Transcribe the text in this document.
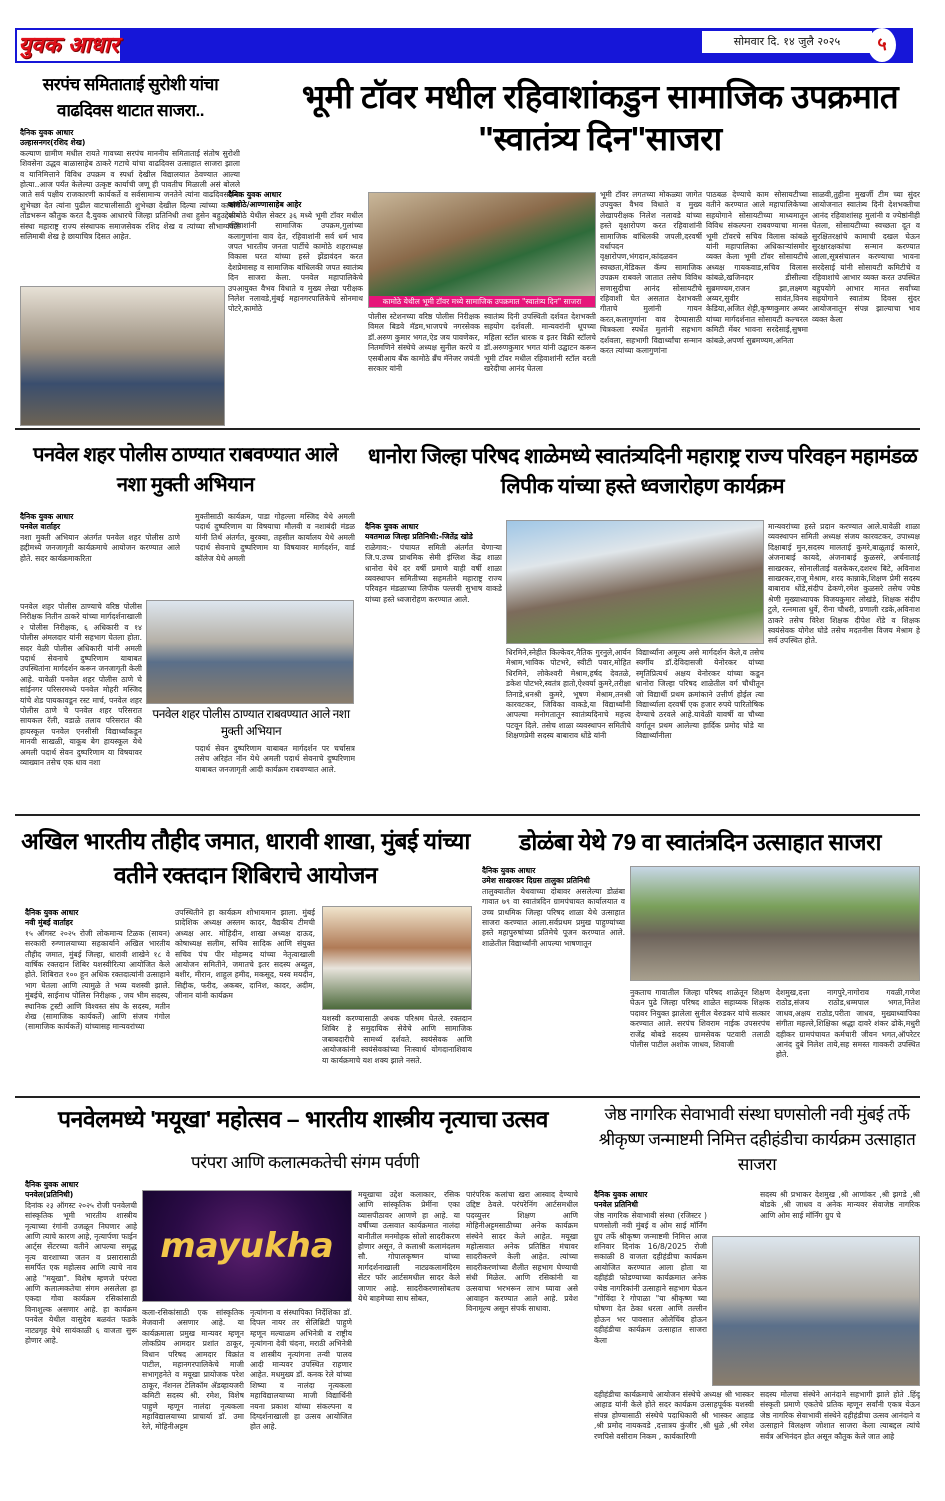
युवक आधार	सोमवार दि. १४ जुलै २०२५	५
सरपंच समिताताई सुरोशी यांचा वाढदिवस थाटात साजरा..
दैनिक युवक आधार
उल्हासनगर(रशिद शेख)
कल्याण ग्रामीण मधील रायते गावच्या सरपंच माननीय समिताताई संतोष सुरोशी शिवसेना उद्धव बाळासाहेब ठाकरे गटाचे यांचा वाढदिवस उत्साहात साजरा झाला व यानिमित्ताने विविध उपक्रम व स्पर्धा देखील विद्यालयात ठेवण्यात आल्या होत्या..आज पर्यंत केलेल्या उत्कृष्ट कार्याची जणू ही पावतीच मिळाली असं बोलले जाते सर्व पक्षीय राजकारणी कार्यकर्ते व सर्वसामान्य जनतेने त्यांना वाढदिवसाच्या शुभेच्छा देत त्यांना पुढील वाटचालीसाठी शुभेच्छा देखील दिल्या त्यांच्या कार्याचे तोंडभरून कौतुक करत दै.युवक आधारचे जिल्हा प्रतिनिधी तथा हुसेन बहुउद्देशीय संस्था महाराष्ट्र राज्य संस्थापक समाजसेवक रशिद शेख व त्यांच्या सौभाग्यवती सलिमाबी शेख हे छायाचित्र दिसत आहेत.
भूमी टॉवर मधील रहिवाशांकडुन सामाजिक उपक्रमात "स्वातंत्र्य दिन"साजरा
दैनिक युवक आधार
कामोठे/आण्णासाहेब आहेर
कामोठे येथील सेक्टर ३६ मध्ये भूमी टॉवर मधील रहिवाशांनी सामाजिक उपक्रम,गुलांच्या कलागुणांना वाव देत, रहिवाशांनी सर्व धर्म भाव जपत भारतीय जनता पार्टीचे कामोठे शहराध्यक्ष विकास घरत यांच्या हस्ते झेंडावंदन करत देशप्रेमासह व सामाजिक बांधिलकी जपत स्वातंत्र्य दिन साजरा केला. पनवेल महापालिकेचे उपआयुक्त वैभव विधाते व मुख्य लेखा परीक्षक निलेश नलावडे,मुंबई महानगरपालिकेचे सोनमाथ पोटरे,कामोठे
कामोठे येथील भूमी टॉवर मध्ये सामाजिक उपक्रमात "स्वातंत्र्य दिन" साजरा
पोलीस स्टेशनच्या वरिष्ठ पोलीस निरीक्षक विमल बिडवे मॅडम,भाजपचे नगरसेवक डॉ.अरुण कुमार भगत,ऐड जय पावणेकर, नितमणिने संस्थेचे अध्यक्ष सुनील करपे व एसबीआय बँक कामोठे ब्रँच मॅनेजर जयंती सरकार यांनी
स्वातंत्र्य दिनी उपस्थिती दर्शवत देशभक्ती सहयोग दर्शवली. मान्यवरांनी धूपच्या महिला स्टॉल धारक व इतर विक्री स्टॉलचे डॉ.अरुणकुमार भगत यांनी उद्घाटन करून भूमी टॉवर मधील रहिवाशांनी स्टॉल वरती खरेदीचा आनंद घेतला
भूमी टॉवर लगतच्या मोकळ्या जागेत उपयुक्त वैभव विधाते व मुख्य लेखापरीक्षक निलेश नलावडे यांच्या हस्ते वृक्षारोपण करत रहिवाशांनी सामाजिक बांधिलकी जपली,दरवर्षी वर्धापदन वृक्षारोपण,भंगदान,कांदळवन स्वच्छता,मेडिकल कॅम्प सामाजिक उपक्रम राबवले जातात तसेच विविध सणासुदीचा आनंद सोसायटीचे रहिवाशी घेत असतात देशभक्ती गीताचे मुलांनी गायन करत,कलागुणांना वाव देण्यासाठी चित्रकला स्पर्धेत मुलांनी सहभाग दर्शवला, सहभागी विद्यार्थ्यांचा सन्मान करत त्यांच्या कलागुणांना
पाठबळ देण्याचे काम सोसायटीच्या वतीने करण्यात आले महापालिकेच्या सहयोगाने सोसायटीच्या माध्यमातून विविध संकल्पना राबवण्याचा मानस भूमी टॉवरचे सचिव विलास कांबळे यांनी महापालिका अधिकाऱ्यांसमोर व्यक्त केला भूमी टॉवर सोसायटीचे अध्यक्ष गायकवाड,सचिव विलास कांबळे,खजिनदार डीसील्वा सुब्रमण्यम,राजन झा,लक्ष्मण अय्यर,सुवीर सावंत,विनय केडिया,अजित शेट्टी,कृष्णकुमार अय्यर यांच्या मार्गदर्शनात सोसायटी कल्चरल कमिटी मेंबर भावना सरदेसाई,सुषमा कांबळे,अपर्णा सुब्रमण्यम,अनिता
साळवी,तुहीना मुखर्जी टीम च्या सुंदर आयोजनात स्वातंत्र्य दिनी देशभक्तीचा आनंद रहिवाशांसह मुलांनी व ज्येष्ठांनीही घेतला, सोसायटीच्या स्वच्छता दूत व सुरक्षितरक्षांचे कामाची दखल घेऊन सुरक्षारक्षकांचा सन्मान करण्यात आला,सूत्रसंचालन करण्याचा भावना सरदेसाई यांनी सोसायटी कमिटीचे व रहिवाशांचे आभार व्यक्त करत उपस्थित बहुपयोगे आभार मानत सर्वांच्या सहयोगाने स्वातंत्र्य दिवस सुंदर आयोजनातून संपन्न झाल्याचा भाव व्यक्त केला
पनवेल शहर पोलीस ठाण्यात राबवण्यात आले नशा मुक्ती अभियान
दैनिक युवक आधार
पनवेल वार्ताहर
नशा मुक्ती अभियान अंतर्गत पनवेल शहर पोलीस ठाणे हद्दीमध्ये जनजागृती कार्यक्रमाचे आयोजन करण्यात आले होते. सदर कार्यक्रमाकरिता
पनवेल शहर पोलीस ठाण्याचे वरिष्ठ पोलीस निरीक्षक नितीन ठाकरे यांच्या मार्गदर्शनाखाली २ पोलीस निरीक्षक, ६ अधिकारी व १४ पोलीस अंमलदार यांनी सहभाग घेतला होता. सदर वेळी पोलीस अधिकारी यांनी अमली पदार्थ सेवनाचे दुष्परिणाम याबाबत उपस्थितांना मार्गदर्शन करून जनजागृती केली आहे. यावेळी पनवेल शहर पोलीस ठाणे चे सांईनगर परिसरमध्ये पनवेल मोहरी मस्जिद यांचे शेड पायकावडून रस्ट मार्च, पनवेल शहर पोलीस ठाणे चे पनवेल शहर परिसरात सायकल रॅली, वडाळे तलाव परिसरात की हायस्कूल पनवेल एनसीसी विद्यार्थ्यांकडून मानवी साखळी, याकूब बेग हायस्कूल येथे अमली पदार्थ सेवन दुष्परिणाम या विषयावर व्याख्यान तसेच एक धाव नशा
मुक्तीसाठी कार्यक्रम, पाडा गोहल्ला मस्जिद येथे अमली पदार्थ दुष्परिणाम या विषयाचा मौलवी व नशाबंदी मंडळ यांनी तिर्थ अंतर्गत, बुरक्या, तहसील कार्यालय येथे अमली पदार्थ सेवनाचे दुष्परिणाम या विषयावर मार्गदर्शन, वार्ड कॉलेज येथे अमली
पनवेल शहर पोलीस ठाण्यात राबवण्यात आले नशा मुक्ती अभियान
पदार्थ सेवन दुष्परिणाम याबाबत मार्गदर्शन पर चर्चासत्र तसेच अरिहंत नॉन येथे अमली पदार्थ सेवनाचे दुष्परिणाम याबाबत जनजागृती आदी कार्यक्रम राबवण्यात आले.
धानोरा जिल्हा परिषद शाळेमध्ये स्वातंत्र्यदिनी महाराष्ट्र राज्य परिवहन महामंडळ लिपीक यांच्या हस्ते ध्वजारोहण कार्यक्रम
दैनिक युवक आधार
यवतमाळ जिल्हा प्रतिनिधी:-जितेंद्र खोडे
राळेगाव:- पंचायत समिती अंतर्गत येणाऱ्या जि.प.उच्च प्राथमिक सेमी इंग्लिश केंद्र शाळा धानोरा येथे दर वर्षी प्रमाणे याही वर्षी शाळा व्यवस्थापन समितीच्या सहमतीने महाराष्ट्र राज्य परिवहन मंडळाच्या लिपीक पल्लवी सुभाष वाकडे यांच्या हस्ते ध्वजारोहण करण्यात आले.
मान्यवरांच्या हस्ते प्रदान करण्यात आले.यावेळी शाळा व्यवस्थापन समिती अध्यक्ष संजय कारवटकर, उपाध्यक्ष दिक्षाबाई मुन,सदस्य मालताई कुमरे,बाळूताई कासारे, अंजनाबाई कायदे, अंजनाबाई कुळसरे, अर्चनाताई साखरकर, सोनालीताई वलकेकर,दशरथ बिटे, अविनाश साखरकर,राजू मेश्राम, शरद कान्नाके,शिक्षण प्रेमी सदस्य बाबाराव धोंडे,संदीप ढेकणे,रमेश कुळसरे तसेच ज्येष्ठ श्रेणी मुख्याध्यापक विजयकुमार लोखंडे, शिक्षक संदीप टुले, रत्नमाला धुर्वे, रीना चौधरी, प्रणाली रडके,अविनाश ठाकरे तसेच विरेश शिक्षक दीपेश शेंडे व शिक्षक स्वयंसेवक योगेश घोडे तसेच मदतनीस विजय मेश्राम हे सर्व उपस्थित होते.
धिरमिने,स्नेहीत किल्केवर,नैतिक गुरनुले,आर्यन मेश्राम,भाविक पोटभरे, स्वीटी पवार,मोहित धिरमिने, लोकेश्वरी मेश्राम,हर्षद देवतळे, डकेश पोटभरे,स्वतंत्र हातो,ऐश्वर्या कुमरे,तरीक्षा तिनाडे,धनश्री कुमरे, भूषण मेश्राम,तनश्री कारवटकर, जिविका वाकडे,या विद्यार्थ्यांनी आपल्या मनोगतातून स्वातंत्र्यदिनाचे महत्त्व पटवून दिले. तसेच शाळा व्यवस्थापन समितीचे शिक्षणप्रेमी सदस्य बाबाराव धोंडे यांनी
विद्यार्थ्यांना अमूल्य असे मार्गदर्शन केले,व तसेच स्वर्गीय डॉ.देविदासजी येनोरकर यांच्या स्मृतिप्रित्यर्थ अक्षय येनोरकर यांच्या कडून धानोरा जिल्हा परिषद शाळेतील वर्ग चौथीतून जो विद्यार्थी प्रथम क्रमांकाने उत्तीर्ण होईल त्या विद्यार्थ्याला दरवर्षी एक हजार रुपये पारितोषिक देण्याचे ठरवले आहे.यावेळी यावर्षी वा चौथ्या वर्गातून प्रथम आलेल्या हार्दिक प्रमोद घोडे या विद्यार्थ्यांनीला
अखिल भारतीय तौहीद जमात, धारावी शाखा, मुंबई यांच्या वतीने रक्तदान शिबिराचे आयोजन
दैनिक युवक आधार
नवी मुंबई वार्ताहर
१५ ऑगस्ट २०२५ रोजी लोकमान्य टिळक (सायन) सरकारी रुग्णालयाच्या सहकार्याने अखिल भारतीय तौहीद जमात, मुंबई जिल्हा, धारावी शाखेने १८ वे वार्षिक रक्तदान शिबिर यशस्वीरित्या आयोजित केले होते. शिबिरात १०० हून अधिक रक्तदात्यांनी उत्साहाने भाग घेतला आणि त्यामुळे ते भव्य यशस्वी झाले. मुंबईचे, साईनाथ पोलिस निरीक्षक , जय भीम सदस्य, स्थानिक ट्रस्टी आणि विश्वस्त संघ के सदस्य, मतीन शेख (सामाजिक कार्यकर्ते) आणि संजय गंगोल (सामाजिक कार्यकर्ते) यांच्यासह मान्यवरांच्या
उपस्थितीने हा कार्यक्रम शोभायमान झाला. मुंबई प्रादेशिक अध्यक्ष अस्लम कादर, वैद्यकीय टीमची अध्यक्ष आर. मोहिदीन, शाखा अध्यक्ष दाऊद, कोषाध्यक्ष सलीम, सचिव सादिक आणि संयुक्त सचिव पंच पीर मोहम्मद यांच्या नेतृत्वाखाली आयोजन समितीने, जमातचे इतर सदस्य अब्दुल, बशीर, मीरान, शाहुल हमीद, मकसूद, यस्व मयदीन, सिद्दीक, फरीद, अकबर, दानिश, कादर, अदीम, जीनान यांनी कार्यक्रम
यशस्वी करण्यासाठी अथक परिश्रम घेतले. रक्तदान शिबिर हे समुदायिक सेवेचे आणि सामाजिक जबाबदारीचे सामर्थ्य दर्शवते. स्वयंसेवक आणि आयोजकांनी स्वयंसेवकांच्या निःस्वार्थ योगदानाशिवाय या कार्यक्रमाचे यश शक्य झाले नसते.
डोळंबा येथे 79 वा स्वातंत्रदिन उत्साहात साजरा
दैनिक युवक आधार
उमेश साखरकर दिग्रस तालुका प्रतिनिधी
तालुक्यातील येथवाच्या दोबावर असलेल्या डोळंबा गावात ७९ वा स्वातंत्रदिन ग्रामपंचायत कार्यालयात व उच्च प्राथमिक जिल्हा परिषद शाळा येथे उत्साहात साजरा करण्यात आला.सर्वप्रथम प्रमुख पाहुण्यांच्या हस्ते महापुरुषांच्या प्रतिमेचे पूजन करण्यात आले. शाळेतील विद्यार्थ्यांनी आपल्या भाषणातून
नुकताच गावातील जिल्हा परिषद शाळेतून शिक्षण घेऊन पुढे जिल्हा परिषद शाळेत सहाय्यक शिक्षक पदावर नियुक्त झालेला सुनील येरुडकर यांचे सत्कार करण्यात आले. सरपंच शिवराम नाईक उपसरपंच राजेंद्र बोबडे सदस्य ग्रामसेवक पटवारी तलाठी पोलीस पाटील अशोक जाधव, शिवाजी
देशमुख,दत्ता नागपुरे,नागोराव गवळी,गणेश राठोड,संजय राठोड,धम्मपाल भगत,नितेश जाधव,अक्षय राठोड,परीता जाधव, मुख्याध्यापिका संगीता महल्ले,शिक्षिका श्रद्धा दावरे शंकर ढोके,मधुरी दहीकर ग्रामपंचायत कर्मचारी जीवन भगत,ऑपरेटर आनंद दुबे निलेश ताये,सह समस्त गावकरी उपस्थित होते.
पनवेलमध्ये 'मयूखा' महोत्सव – भारतीय शास्त्रीय नृत्याचा उत्सव
परंपरा आणि कलात्मकतेची संगम पर्वणी
दैनिक युवक आधार
पनवेल(प्रतिनिधी)
दिनांक २३ ऑगस्ट २०२५ रोजी पनवेलची सांस्कृतिक भूमी भारतीय शास्त्रीय नृत्याच्या रंगांनी उजळून निघणार आहे आणि त्याचे कारण आहे, नृत्यार्पणा फाईन आर्ट्स सेंटरच्या वतीने आपल्या समृद्ध नृत्य वारशाच्या जतन व प्रसारासाठी समर्पित एक महोत्सव आणि त्याचे नाव आहे "मयूखा". विशेष म्हणजे परंपरा आणि कलात्मकतेचा संगम असलेला हा एकदा गोवा कार्यक्रम रसिकांसाठी विनाशुल्क असणार आहे. हा कार्यक्रम पनवेल येथील वासुदेव बळवंत फडके नाट्यगृह येथे सायंकाळी ६ वाजता सुरू होणार आहे.
mayukha
कला-रसिकांसाठी एक सांस्कृतिक मेजवानी असणार आहे. या कार्यक्रमाला प्रमुख मान्यवर म्हणून लोकप्रिय आमदार प्रशांत ठाकूर, विधान परिषद आमदार विक्रांत पाटील, महानगरपालिकेचे माजी सभागृहनेते व मयूखा प्रायोजक परेश ठाकूर, नॅशनल टेलिकॉम ॲडव्हायजरी कमिटी सदस्य श्री. रमेश, विशेष पाहुणे म्हणून नालंदा नृत्यकला महाविद्यालयाच्या प्राचार्या डॉ. उमा रेले, मोहिनीअट्टम
नृत्यांगना व संस्थापिका निर्देशिका डॉ. दिपल नायर तर सेलिब्रिटी पाहुणे म्हणून मल्याळम अभिनेत्री व राष्ट्रीय नृत्यांगना देवी चंदना, मराठी अभिनेत्री व शास्त्रीय नृत्यांगना तन्वी पालव आदी मान्यवर उपस्थित राहणार आहेत. मधमुख्य डॉ. कनक रेले यांच्या शिष्या व नालंदा नृत्यकला महाविद्यालयाच्या माजी विद्यार्थिनी नयना प्रकाश यांच्या संकल्पना व दिग्दर्शनाखाली हा उत्सव आयोजित होत आहे.
मयूखाचा उद्देश कलाकार, रसिक आणि सांस्कृतिक प्रेमींना एका व्यासपीठावर आणणे हा आहे. या वर्षीच्या उत्सवात कार्यक्रमात नालंदा बानीतील मनमोहक सोलो सादरीकरण होणार असून, ते कलाश्री कलामंदलम सौ. गोपालकृष्णन यांच्या मार्गदर्शनाखाली नाट्यकलामंदिरम सेंटर फॉर आर्टसमधील सादर केले जाणार आहे. सादरीकरणासोबतच येथे बाहमेच्या साथ सोबत,
पारंपरिक कलांचा खरा आस्वाद देण्याचे उद्दिष्ट ठेवले. परंपरेनिंग आर्टसमधील पदव्युत्तर शिक्षण आणि मोहिनीअट्टमसाठीच्या अनेक कार्यक्रम संस्थेने सादर केले आहेत. मयूखा महोत्सवात अनेक प्रतिष्ठित मंचावर सादरीकरणे केली आहेत. त्यांच्या सादरीकरणांच्या शैलीत सहभाग घेण्याची संधी मिळेल. आणि रसिकांनी या उत्सवाचा भरभरून लाभ घ्यावा असे आवाहन करण्यात आले आहे. प्रवेश विनामूल्य असून संपर्क साधावा.
जेष्ठ नागरिक सेवाभावी संस्था घणसोली नवी मुंबई तर्फे श्रीकृष्ण जन्माष्टमी निमित्त दहीहंडीचा कार्यक्रम उत्साहात साजरा
दैनिक युवक आधार
पनवेल प्रतिनिधी
जेष्ठ नागरिक सेवाभावी संस्था (रजिस्टर ) घणसोली नवी मुंबई व ओम साई मॉर्निंग ग्रुप तर्फे श्रीकृष्ण जन्माष्टमी निमित्त आज शनिवार दिनांक 16/8/2025 रोजी सकाळी 8 वाजता दहीहंडीचा कार्यक्रम आयोजित करण्यात आला होता या दहीहंडी फोडण्याच्या कार्यक्रमात अनेक ज्येष्ठ नागरिकांनी उत्साहाने सहभाग घेऊन "गोविंदा रे गोपाळा "या श्रीकृष्ण च्या घोषणा देत ठेका धरला आणि तल्लीन होऊन भर पावसात ओलेचिंब होऊन दहीहंडीचा कार्यक्रम उत्साहात साजरा केला
सदस्य श्री प्रभाकर देशमुख ,श्री आणांकर ,श्री झगडे ,श्री बोडके ,श्री जाधव व अनेक मान्यवर सेवाजेष्ठ नागरिक आणि ओम साई मॉर्निंग ग्रुप चे
दहीहंडीचा कार्यक्रमाचे आयोजन संस्थेचे अध्यक्ष श्री भास्कर आहाड यांनी केले होते सदर कार्यक्रम उत्साहपूर्वक यशस्वी संपन्न होण्यासाठी संस्थेचे पदाधिकारी श्री भास्कर आहाड ,श्री प्रमोद नायकवडे ,दत्तात्रय कुंजीर ,श्री धुळे ,श्री रमेश रणपिसे वसीराम निकम , कार्यकारिणी
सदस्य मोलचा संस्थेने आनंदाने सहभागी झाले होते .हिंदू संस्कृती प्रमाणे एकतेचे प्रतिक म्हणून सर्वांनी एकत्र येऊन जेष्ठ नागरिक सेवाभावी संस्थेने दहीहंडीचा उत्सव आनंदाने व उत्साहाने विलक्षण जोशात साजरा केला त्याबद्दल त्यांचे सर्वत्र अभिनंदन होत असून कौतुक केले जात आहे
